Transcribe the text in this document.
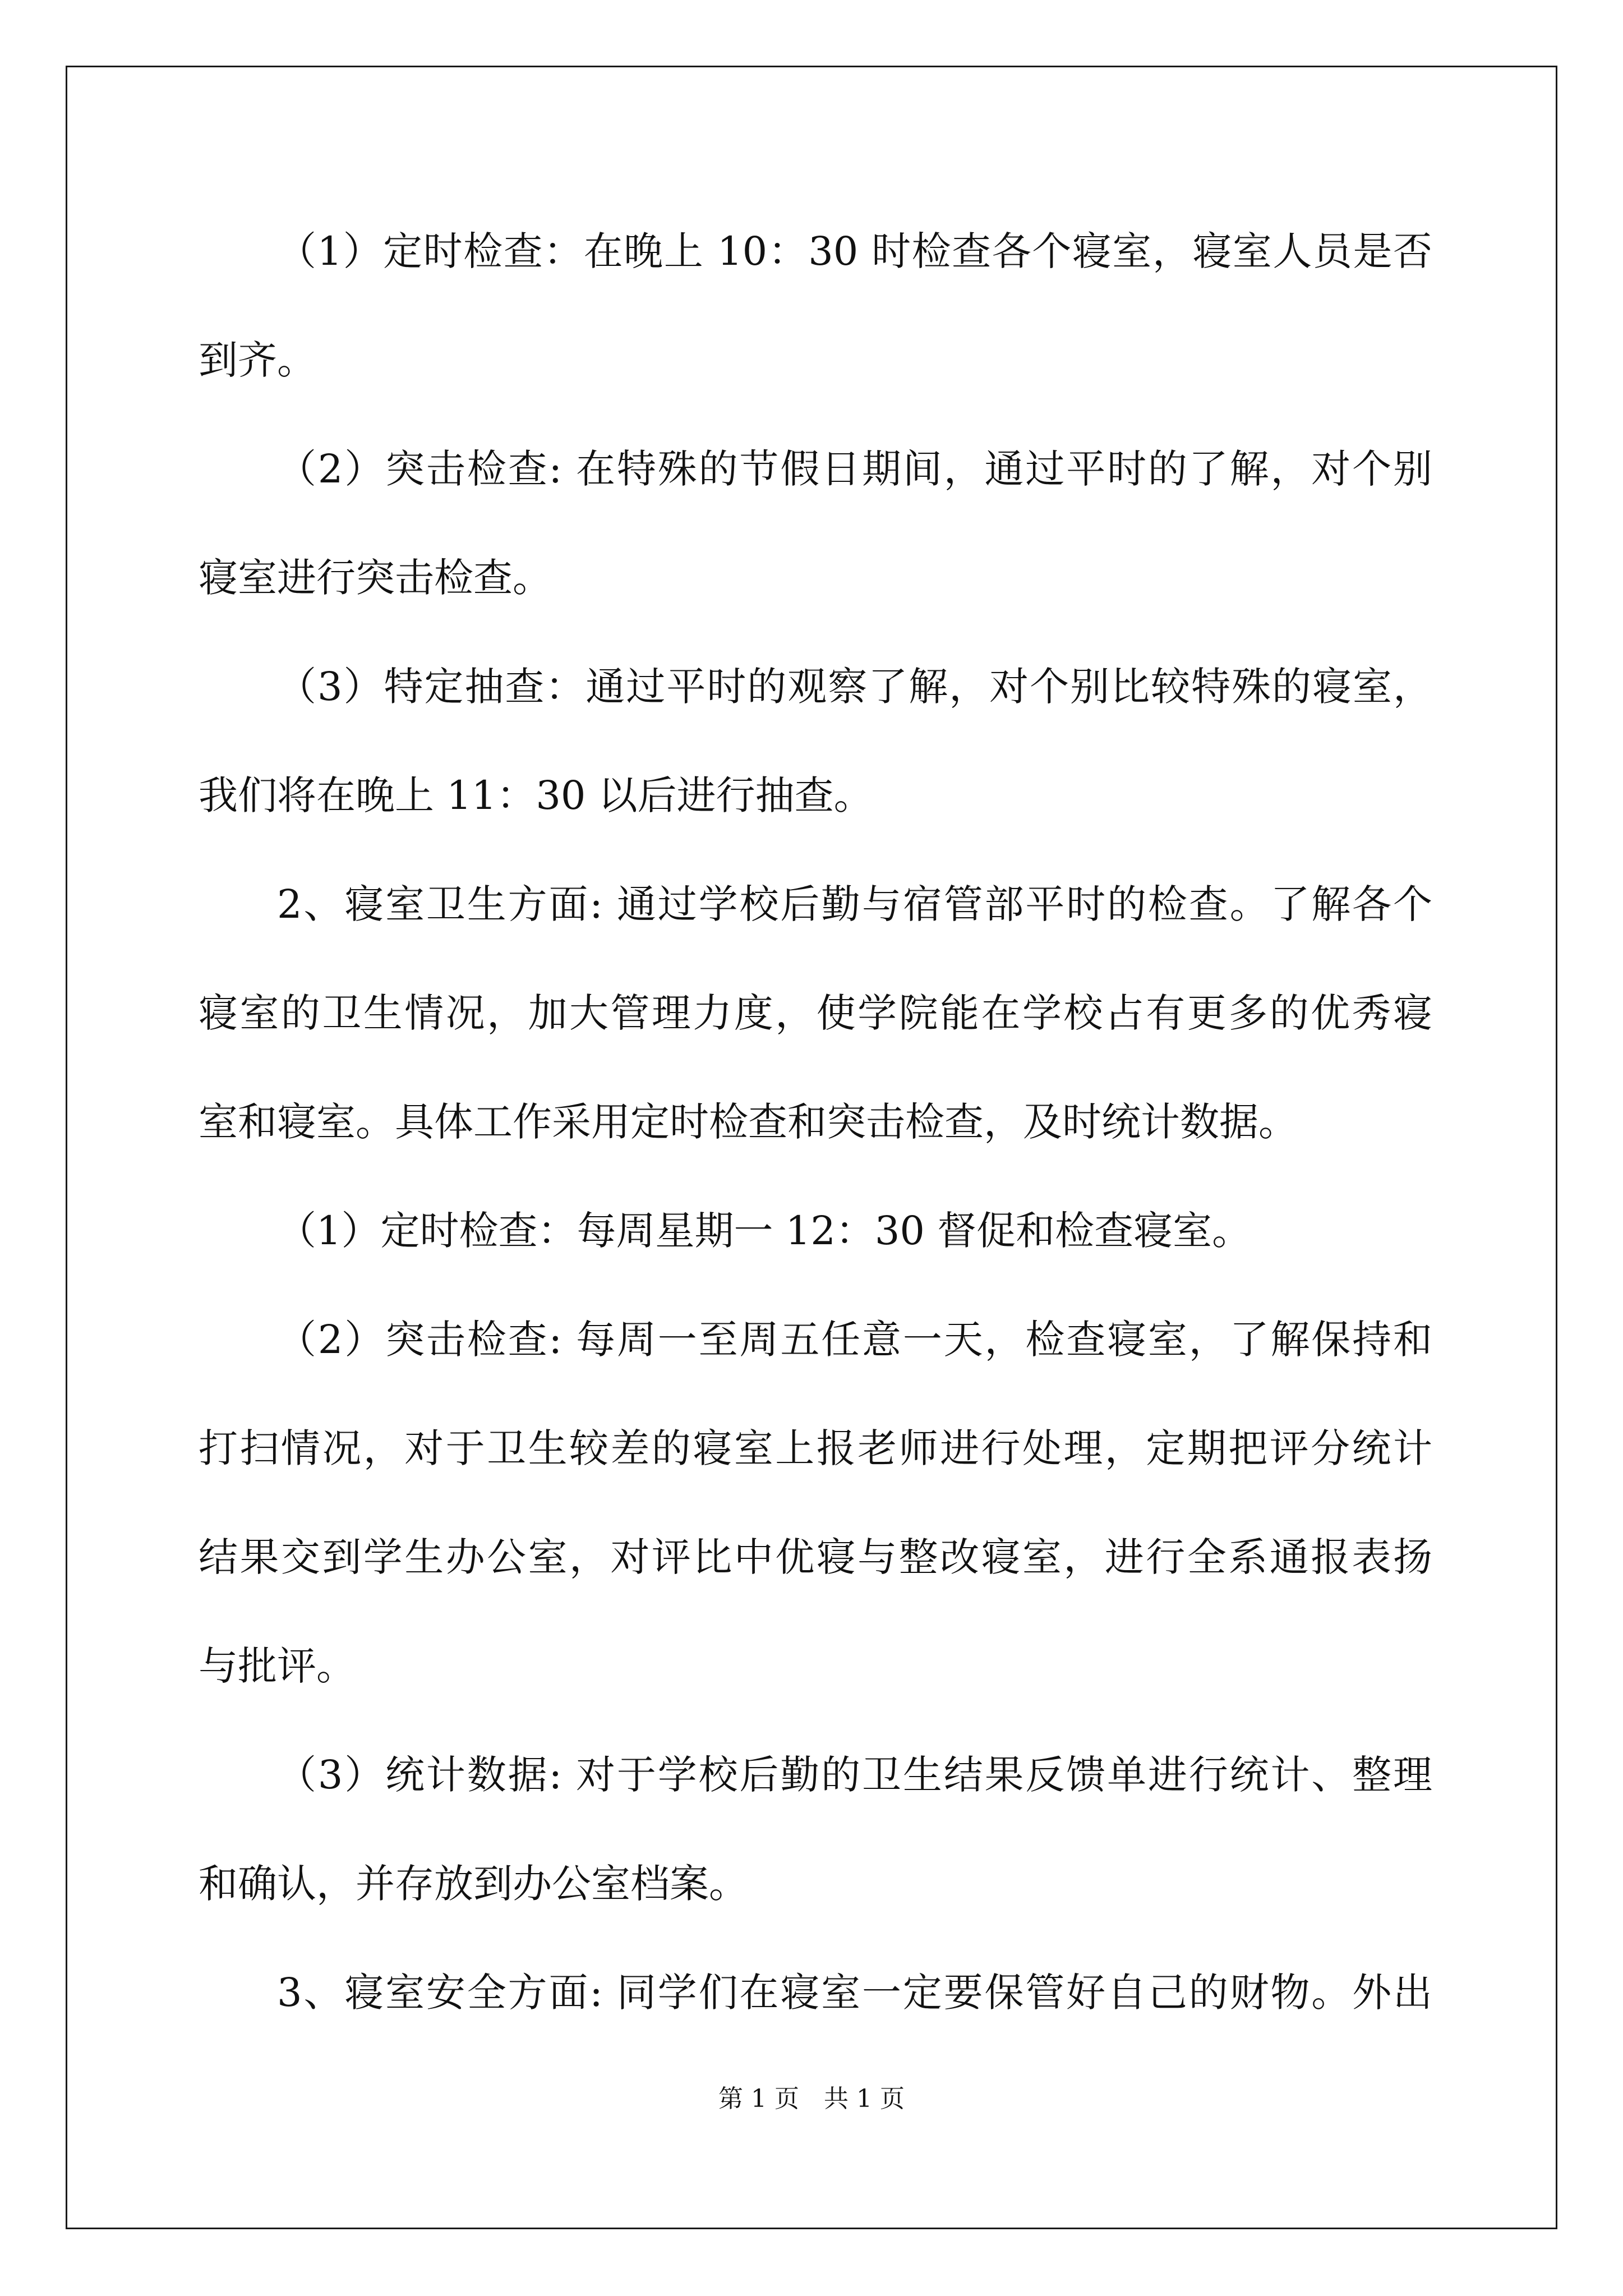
（1）定时检查：在晚上 10：30 时检查各个寝室，寝室人员是否
到齐。
（2）突击检查: 在特殊的节假日期间，通过平时的了解，对个别
寝室进行突击检查。
（3）特定抽查：通过平时的观察了解，对个别比较特殊的寝室，
我们将在晚上 11：30 以后进行抽查。
2、寝室卫生方面: 通过学校后勤与宿管部平时的检查。了解各个
寝室的卫生情况，加大管理力度，使学院能在学校占有更多的优秀寝
室和寝室。具体工作采用定时检查和突击检查，及时统计数据。
（1）定时检查：每周星期一 12：30 督促和检查寝室。
（2）突击检查: 每周一至周五任意一天，检查寝室，了解保持和
打扫情况，对于卫生较差的寝室上报老师进行处理，定期把评分统计
结果交到学生办公室，对评比中优寝与整改寝室，进行全系通报表扬
与批评。
（3）统计数据: 对于学校后勤的卫生结果反馈单进行统计、整理
和确认，并存放到办公室档案。
3、寝室安全方面: 同学们在寝室一定要保管好自己的财物。外出
第 1 页　共 1 页
